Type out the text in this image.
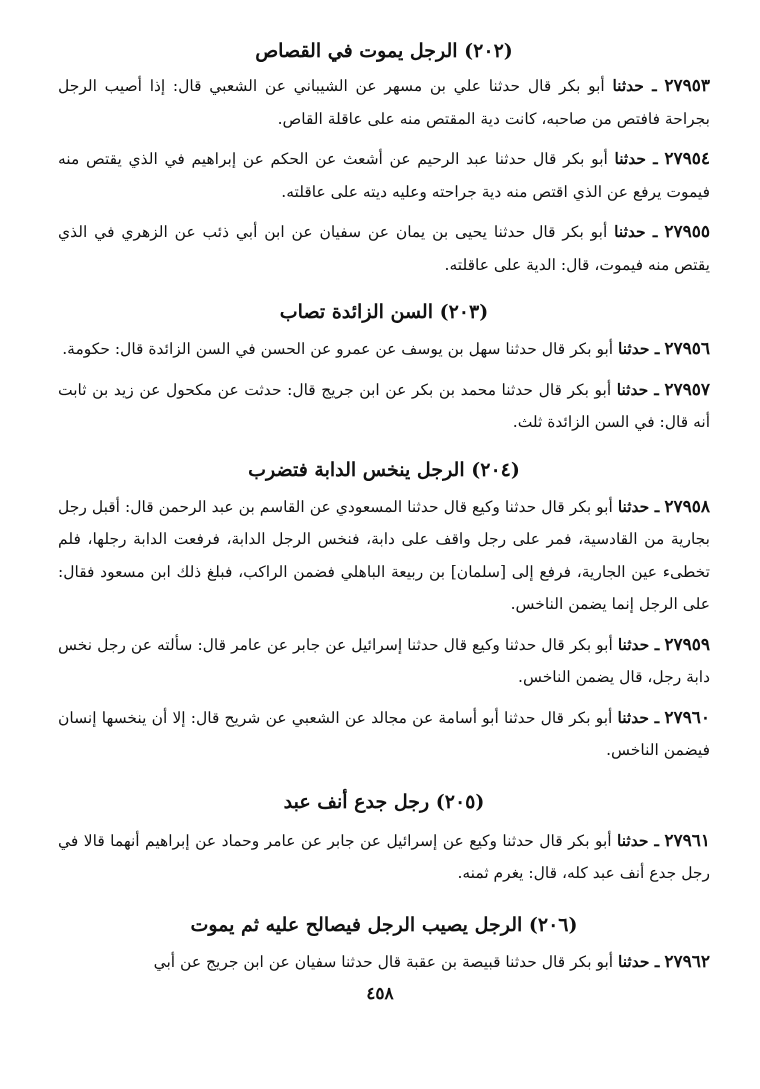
(٢٠٢) الرجل يموت في القصاص

٢٧٩٥٣ ـ حدثنا أبو بكر قال حدثنا علي بن مسهر عن الشيباني عن الشعبي قال: إذا أصيب الرجل بجراحة فافتص من صاحبه، كانت دية المقتص منه على عاقلة القاص.

٢٧٩٥٤ ـ حدثنا أبو بكر قال حدثنا عبد الرحيم عن أشعث عن الحكم عن إبراهيم في الذي يقتص منه فيموت يرفع عن الذي اقتص منه دية جراحته وعليه ديته على عاقلته.

٢٧٩٥٥ ـ حدثنا أبو بكر قال حدثنا يحيى بن يمان عن سفيان عن ابن أبي ذئب عن الزهري في الذي يقتص منه فيموت، قال: الدية على عاقلته.

(٢٠٣) السن الزائدة تصاب

٢٧٩٥٦ ـ حدثنا أبو بكر قال حدثنا سهل بن يوسف عن عمرو عن الحسن في السن الزائدة قال: حكومة.

٢٧٩٥٧ ـ حدثنا أبو بكر قال حدثنا محمد بن بكر عن ابن جريج قال: حدثت عن مكحول عن زيد بن ثابت أنه قال: في السن الزائدة ثلث.

(٢٠٤) الرجل ينخس الدابة فتضرب

٢٧٩٥٨ ـ حدثنا أبو بكر قال حدثنا وكيع قال حدثنا المسعودي عن القاسم بن عبد الرحمن قال: أقبل رجل بجارية من القادسية، فمر على رجل واقف على دابة، فنخس الرجل الدابة، فرفعت الدابة رجلها، فلم تخطىء عين الجارية، فرفع إلى [سلمان] بن ربيعة الباهلي فضمن الراكب، فبلغ ذلك ابن مسعود فقال: على الرجل إنما يضمن الناخس.

٢٧٩٥٩ ـ حدثنا أبو بكر قال حدثنا وكيع قال حدثنا إسرائيل عن جابر عن عامر قال: سألته عن رجل نخس دابة رجل، قال يضمن الناخس.

٢٧٩٦٠ ـ حدثنا أبو بكر قال حدثنا أبو أسامة عن مجالد عن الشعبي عن شريح قال: إلا أن ينخسها إنسان فيضمن الناخس.

(٢٠٥) رجل جدع أنف عبد

٢٧٩٦١ ـ حدثنا أبو بكر قال حدثنا وكيع عن إسرائيل عن جابر عن عامر وحماد عن إبراهيم أنهما قالا في رجل جدع أنف عبد كله، قال: يغرم ثمنه.

(٢٠٦) الرجل يصيب الرجل فيصالح عليه ثم يموت

٢٧٩٦٢ ـ حدثنا أبو بكر قال حدثنا قبيصة بن عقبة قال حدثنا سفيان عن ابن جريج عن أبي

٤٥٨
